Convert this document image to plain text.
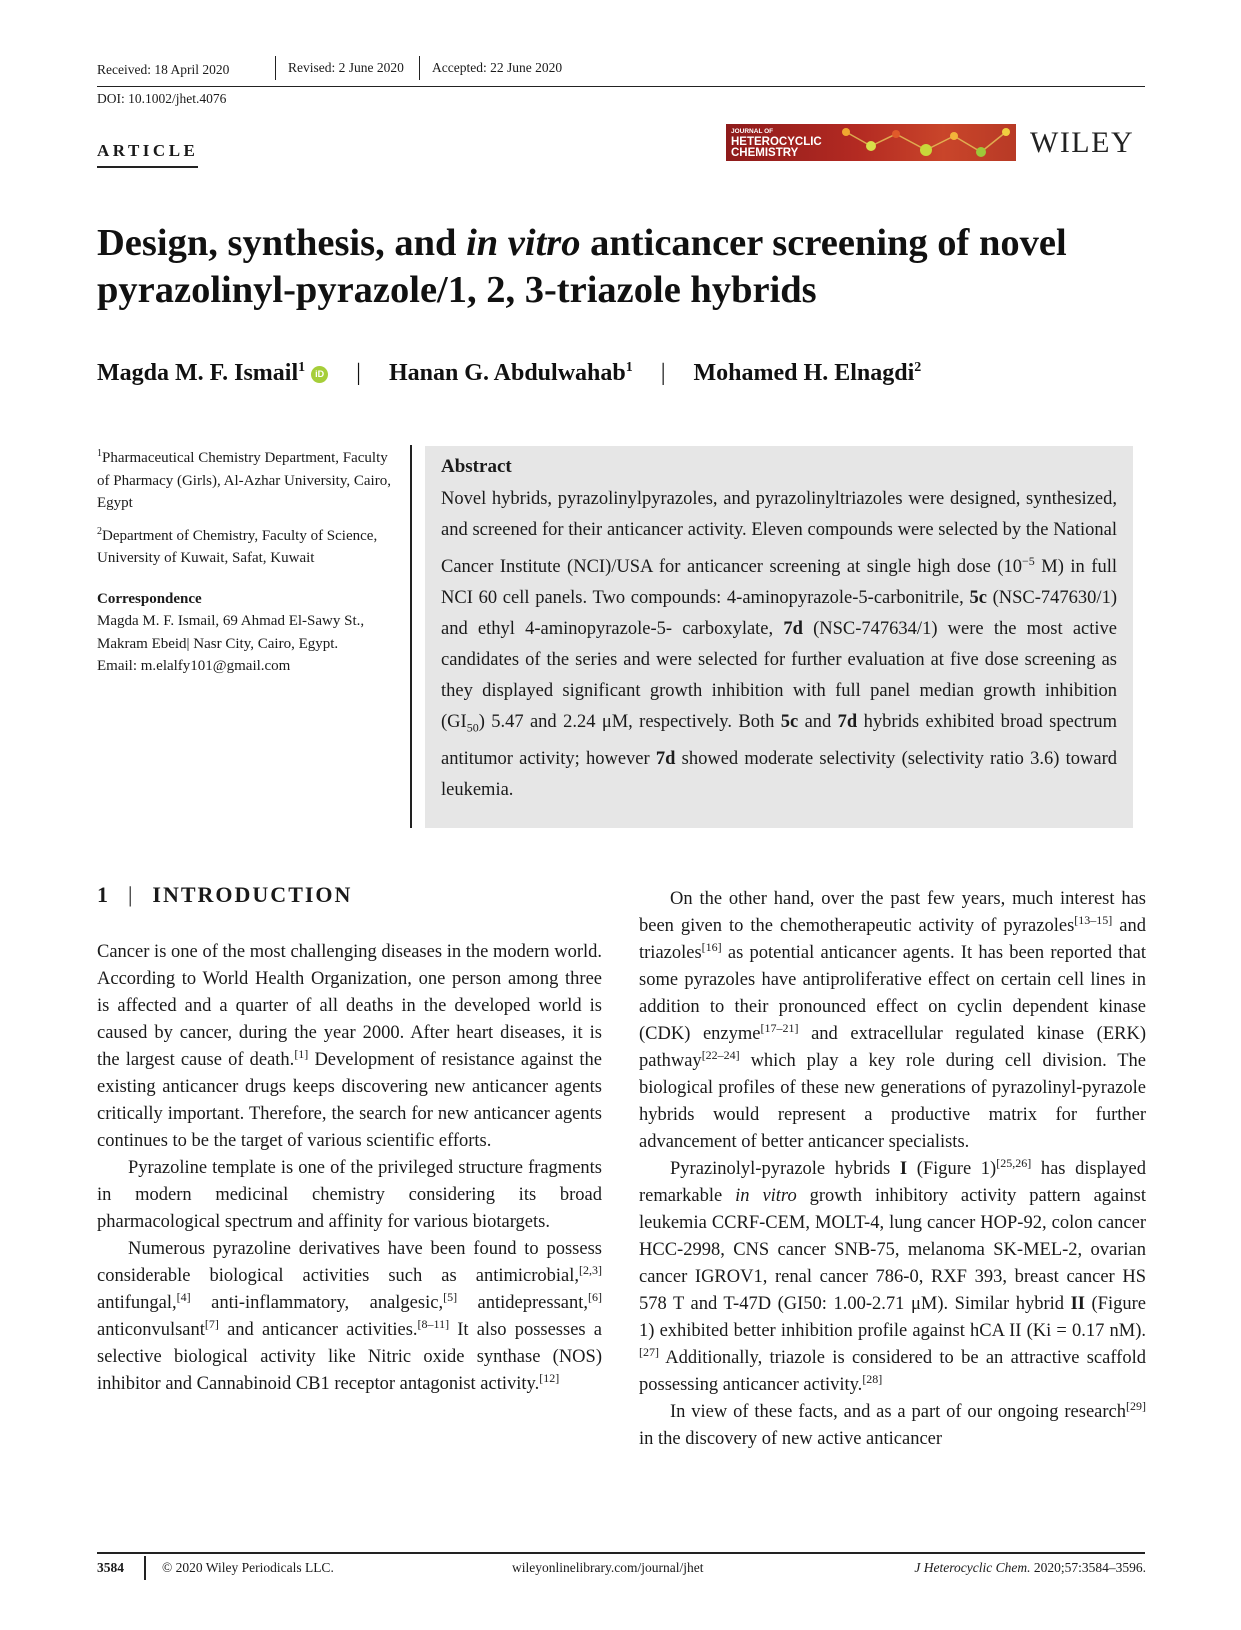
Received: 18 April 2020	Revised: 2 June 2020	Accepted: 22 June 2020
DOI: 10.1002/jhet.4076
ARTICLE
JOURNAL OF
HETEROCYCLIC
CHEMISTRY	WILEY
Design, synthesis, and in vitro anticancer screening of novel pyrazolinyl-pyrazole/1, 2, 3-triazole hybrids
Magda M. F. Ismail$^1$ iD | Hanan G. Abdulwahab$^1$ | Mohamed H. Elnagdi$^2$

$^1$Pharmaceutical Chemistry Department, Faculty of Pharmacy (Girls), Al-Azhar University, Cairo, Egypt

$^2$Department of Chemistry, Faculty of Science, University of Kuwait, Safat, Kuwait

Correspondence

Magda M. F. Ismail, 69 Ahmad El-Sawy St., Makram Ebeid| Nasr City, Cairo, Egypt.

Email: m.elalfy101@gmail.com

Abstract
Novel hybrids, pyrazolinylpyrazoles, and pyrazolinyltriazoles were designed, synthesized, and screened for their anticancer activity. Eleven compounds were selected by the National Cancer Institute (NCI)/USA for anticancer screening at single high dose ($10^{-5}$ M) in full NCI 60 cell panels. Two compounds: 4-aminopyrazole-5-carbonitrile, 5c (NSC-747630/1) and ethyl 4-aminopyrazole-5- carboxylate, 7d (NSC-747634/1) were the most active candidates of the series and were selected for further evaluation at five dose screening as they displayed significant growth inhibition with full panel median growth inhibition $(GI_{50})$ 5.47 and 2.24 μM, respectively. Both 5c and 7d hybrids exhibited broad spectrum antitumor activity; however 7d showed moderate selectivity (selectivity ratio 3.6) toward leukemia.
1 | INTRODUCTION

Cancer is one of the most challenging diseases in the modern world. According to World Health Organization, one person among three is affected and a quarter of all deaths in the developed world is caused by cancer, during the year 2000. After heart diseases, it is the largest cause of death.[1] Development of resistance against the existing anticancer drugs keeps discovering new anticancer agents critically important. Therefore, the search for new anticancer agents continues to be the target of various scientific efforts.

Pyrazoline template is one of the privileged structure fragments in modern medicinal chemistry considering its broad pharmacological spectrum and affinity for various biotargets.

Numerous pyrazoline derivatives have been found to possess considerable biological activities such as antimicrobial,[2,3] antifungal,[4] anti-inflammatory, analgesic,[5] antidepressant,[6] anticonvulsant[7] and anticancer activities.[8–11] It also possesses a selective biological activity like Nitric oxide synthase (NOS) inhibitor and Cannabinoid CB1 receptor antagonist activity.[12]

On the other hand, over the past few years, much interest has been given to the chemotherapeutic activity of pyrazoles[13–15] and triazoles[16] as potential anticancer agents. It has been reported that some pyrazoles have antiproliferative effect on certain cell lines in addition to their pronounced effect on cyclin dependent kinase (CDK) enzyme[17–21] and extracellular regulated kinase (ERK) pathway[22–24] which play a key role during cell division. The biological profiles of these new generations of pyrazolinyl-pyrazole hybrids would represent a productive matrix for further advancement of better anticancer specialists.

Pyrazinolyl-pyrazole hybrids I (Figure 1)[25,26] has displayed remarkable in vitro growth inhibitory activity pattern against leukemia CCRF-CEM, MOLT-4, lung cancer HOP-92, colon cancer HCC-2998, CNS cancer SNB-75, melanoma SK-MEL-2, ovarian cancer IGROV1, renal cancer 786-0, RXF 393, breast cancer HS 578 T and T-47D (GI50: 1.00-2.71 μM). Similar hybrid II (Figure 1) exhibited better inhibition profile against hCA II (Ki = 0.17 nM).[27] Additionally, triazole is considered to be an attractive scaffold possessing anticancer activity.[28]

In view of these facts, and as a part of our ongoing research[29] in the discovery of new active anticancer

3584	© 2020 Wiley Periodicals LLC.	wileyonlinelibrary.com/journal/jhet	J Heterocyclic Chem. 2020;57:3584–3596.
